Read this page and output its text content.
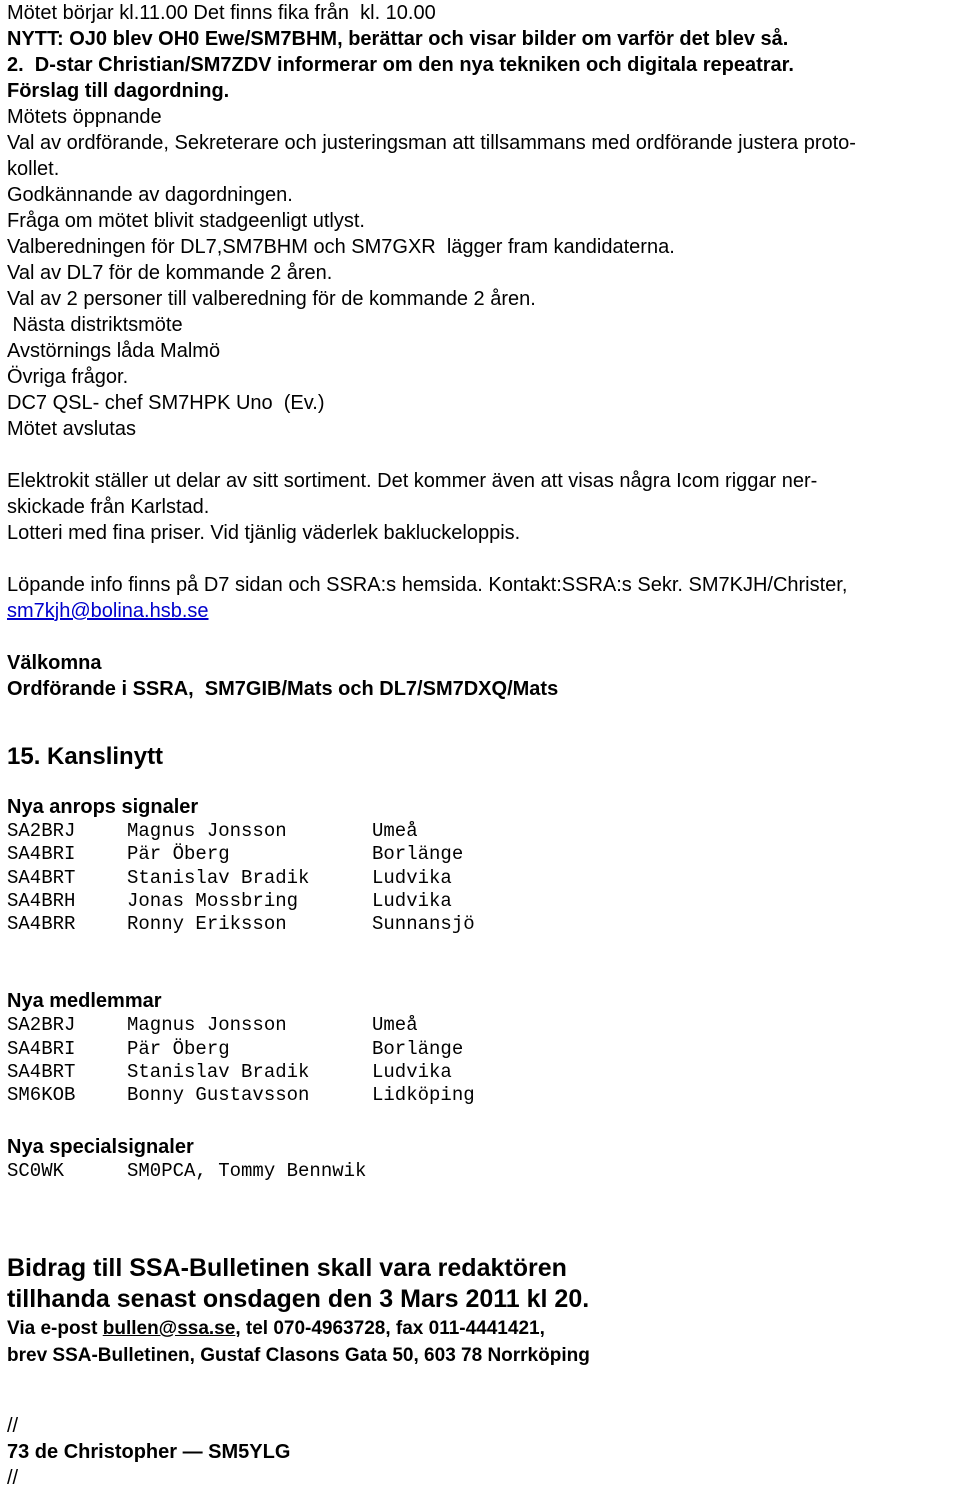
Mötet börjar kl.11.00 Det finns fika från  kl. 10.00
NYTT: OJ0 blev OH0 Ewe/SM7BHM, berättar och visar bilder om varför det blev så.
2.  D-star Christian/SM7ZDV informerar om den nya tekniken och digitala repeatrar.
Förslag till dagordning.
Mötets öppnande
Val av ordförande, Sekreterare och justeringsman att tillsammans med ordförande justera proto-
kollet.
Godkännande av dagordningen.
Fråga om mötet blivit stadgeenligt utlyst.
Valberedningen för DL7,SM7BHM och SM7GXR  lägger fram kandidaterna.
Val av DL7 för de kommande 2 åren.
Val av 2 personer till valberedning för de kommande 2 åren.
Nästa distriktsmöte
Avstörnings låda Malmö
Övriga frågor.
DC7 QSL- chef SM7HPK Uno  (Ev.)
Mötet avslutas
Elektrokit ställer ut delar av sitt sortiment. Det kommer även att visas några Icom riggar ner-
skickade från Karlstad.
Lotteri med fina priser. Vid tjänlig väderlek bakluckeloppis.
Löpande info finns på D7 sidan och SSRA:s hemsida. Kontakt:SSRA:s Sekr. SM7KJH/Christer,
sm7kjh@bolina.hsb.se
Välkomna
Ordförande i SSRA,  SM7GIB/Mats och DL7/SM7DXQ/Mats
15. Kanslinytt
Nya anrops signaler
SA2BRJ	Magnus Jonsson	Umeå
SA4BRI	Pär Öberg	Borlänge
SA4BRT	Stanislav Bradik	Ludvika
SA4BRH	Jonas Mossbring	Ludvika
SA4BRR	Ronny Eriksson	Sunnansjö
Nya medlemmar
SA2BRJ	Magnus Jonsson	Umeå
SA4BRI	Pär Öberg	Borlänge
SA4BRT	Stanislav Bradik	Ludvika
SM6KOB	Bonny Gustavsson	Lidköping
Nya specialsignaler
SC0WK	SM0PCA, Tommy Bennwik
Bidrag till SSA-Bulletinen skall vara redaktören
tillhanda senast onsdagen den 3 Mars 2011 kl 20.
Via e-post bullen@ssa.se, tel 070-4963728, fax 011-4441421,
brev SSA-Bulletinen, Gustaf Clasons Gata 50, 603 78 Norrköping
//
73 de Christopher — SM5YLG
//
